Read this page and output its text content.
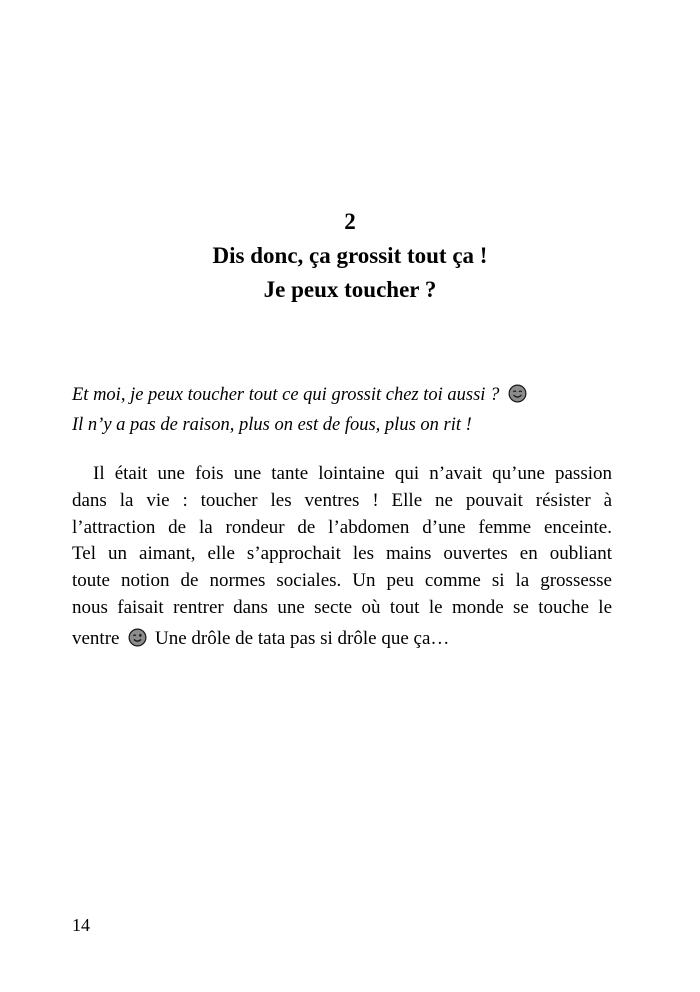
2
Dis donc, ça grossit tout ça !
Je peux toucher ?
Et moi, je peux toucher tout ce qui grossit chez toi aussi ?
Il n’y a pas de raison, plus on est de fous, plus on rit !
Il était une fois une tante lointaine qui n’avait qu’une passion
dans la vie : toucher les ventres ! Elle ne pouvait résister à
l’attraction de la rondeur de l’abdomen d’une femme enceinte.
Tel un aimant, elle s’approchait les mains ouvertes en oubliant
toute notion de normes sociales. Un peu comme si la grossesse
nous faisait rentrer dans une secte où tout le monde se touche le
ventre Une drôle de tata pas si drôle que ça…
14
